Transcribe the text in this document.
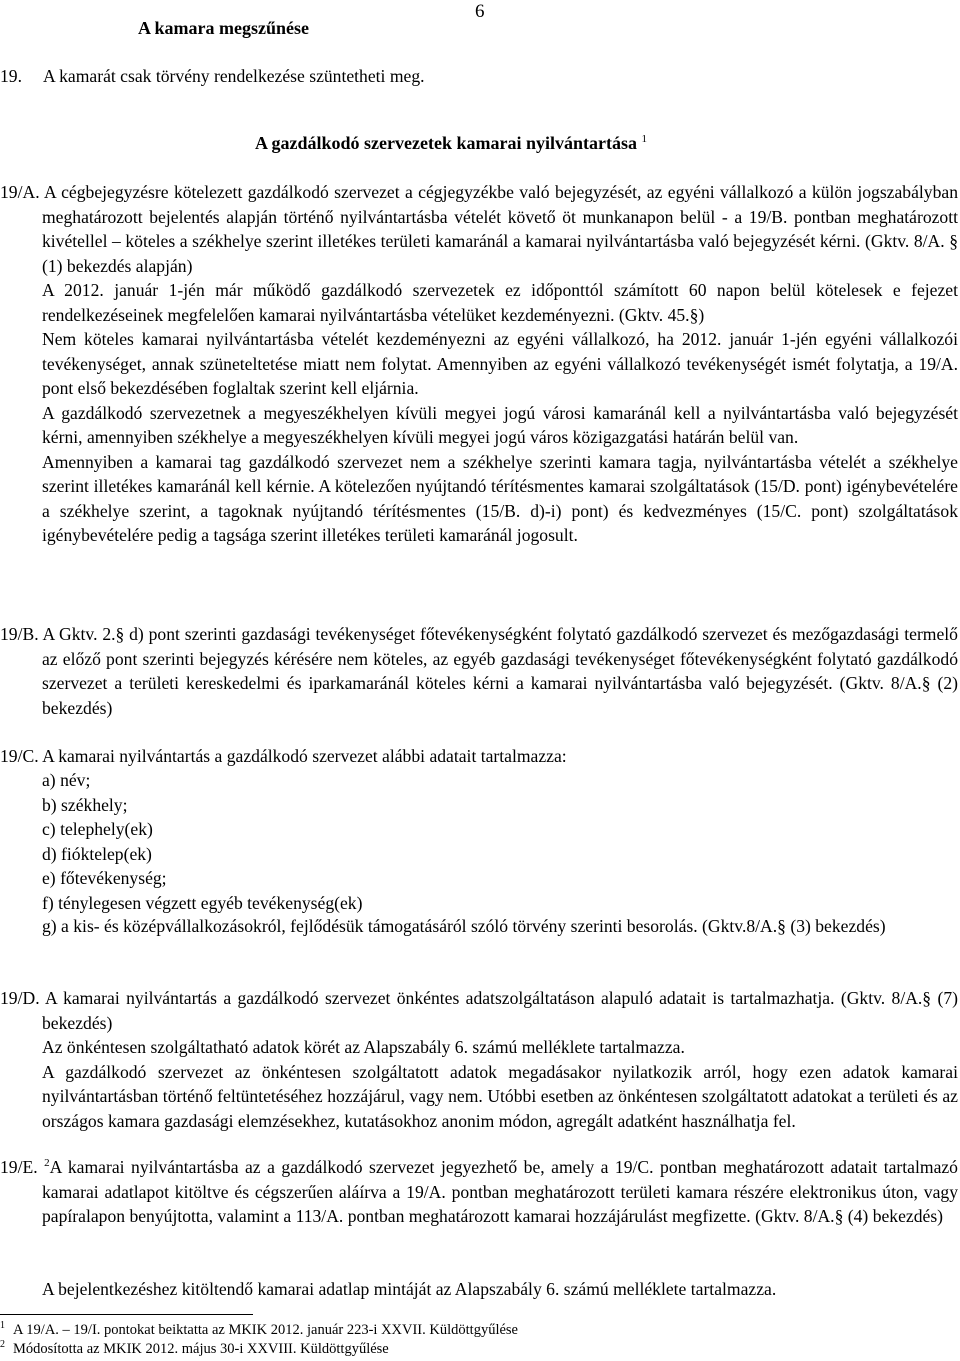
6
A kamara megszűnése
19. A kamarát csak törvény rendelkezése szüntetheti meg.
A gazdálkodó szervezetek kamarai nyilvántartása $^1$

19/A. A cégbejegyzésre kötelezett gazdálkodó szervezet a cégjegyzékbe való bejegyzését, az egyéni vállalkozó a külön jogszabályban meghatározott bejelentés alapján történő nyilvántartásba vételét követő öt munkanapon belül - a 19/B. pontban meghatározott kivétellel – köteles a székhelye szerint illetékes területi kamaránál a kamarai nyilvántartásba való bejegyzését kérni. (Gktv. 8/A. § (1) bekezdés alapján)

A 2012. január 1-jén már működő gazdálkodó szervezetek ez időponttól számított 60 napon belül kötelesek e fejezet rendelkezéseinek megfelelően kamarai nyilvántartásba vételüket kezdeményezni. (Gktv. 45.§)

Nem köteles kamarai nyilvántartásba vételét kezdeményezni az egyéni vállalkozó, ha 2012. január 1-jén egyéni vállalkozói tevékenységet, annak szüneteltetése miatt nem folytat. Amennyiben az egyéni vállalkozó tevékenységét ismét folytatja, a 19/A. pont első bekezdésében foglaltak szerint kell eljárnia.

A gazdálkodó szervezetnek a megyeszékhelyen kívüli megyei jogú városi kamaránál kell a nyilvántartásba való bejegyzését kérni, amennyiben székhelye a megyeszékhelyen kívüli megyei jogú város közigazgatási határán belül van.

Amennyiben a kamarai tag gazdálkodó szervezet nem a székhelye szerinti kamara tagja, nyilvántartásba vételét a székhelye szerint illetékes kamaránál kell kérnie. A kötelezően nyújtandó térítésmentes kamarai szolgáltatások (15/D. pont) igénybevételére a székhelye szerint, a tagoknak nyújtandó térítésmentes (15/B. d)-i) pont) és kedvezményes (15/C. pont) szolgáltatások igénybevételére pedig a tagsága szerint illetékes területi kamaránál jogosult.

19/B. A Gktv. 2.§ d) pont szerinti gazdasági tevékenységet főtevékenységként folytató gazdálkodó szervezet és mezőgazdasági termelő az előző pont szerinti bejegyzés kérésére nem köteles, az egyéb gazdasági tevékenységet főtevékenységként folytató gazdálkodó szervezet a területi kereskedelmi és iparkamaránál köteles kérni a kamarai nyilvántartásba való bejegyzését. (Gktv. 8/A.§ (2) bekezdés)

19/C. A kamarai nyilvántartás a gazdálkodó szervezet alábbi adatait tartalmazza:

a) név;
b) székhely;
c) telephely(ek)
d) fióktelep(ek)
e) főtevékenység;
f) ténylegesen végzett egyéb tevékenység(ek)

g) a kis- és középvállalkozásokról, fejlődésük támogatásáról szóló törvény szerinti besorolás. (Gktv.8/A.§ (3) bekezdés)

19/D. A kamarai nyilvántartás a gazdálkodó szervezet önkéntes adatszolgáltatáson alapuló adatait is tartalmazhatja. (Gktv. 8/A.§ (7) bekezdés)

Az önkéntesen szolgáltatható adatok körét az Alapszabály 6. számú melléklete tartalmazza.

A gazdálkodó szervezet az önkéntesen szolgáltatott adatok megadásakor nyilatkozik arról, hogy ezen adatok kamarai nyilvántartásban történő feltüntetéséhez hozzájárul, vagy nem. Utóbbi esetben az önkéntesen szolgáltatott adatokat a területi és az országos kamara gazdasági elemzésekhez, kutatásokhoz anonim módon, agregált adatként használhatja fel.

19/E. $^2$A kamarai nyilvántartásba az a gazdálkodó szervezet jegyezhető be, amely a 19/C. pontban meghatározott adatait tartalmazó kamarai adatlapot kitöltve és cégszerűen aláírva a 19/A. pontban meghatározott területi kamara részére elektronikus úton, vagy papíralapon benyújtotta, valamint a 113/A. pontban meghatározott kamarai hozzájárulást megfizette. (Gktv. 8/A.§ (4) bekezdés)

A bejelentkezéshez kitöltendő kamarai adatlap mintáját az Alapszabály 6. számú melléklete tartalmazza.

1 A 19/A. – 19/I. pontokat beiktatta az MKIK 2012. január 223-i XXVII. Küldöttgyűlése
2 Módosította az MKIK 2012. május 30-i XXVIII. Küldöttgyűlése
